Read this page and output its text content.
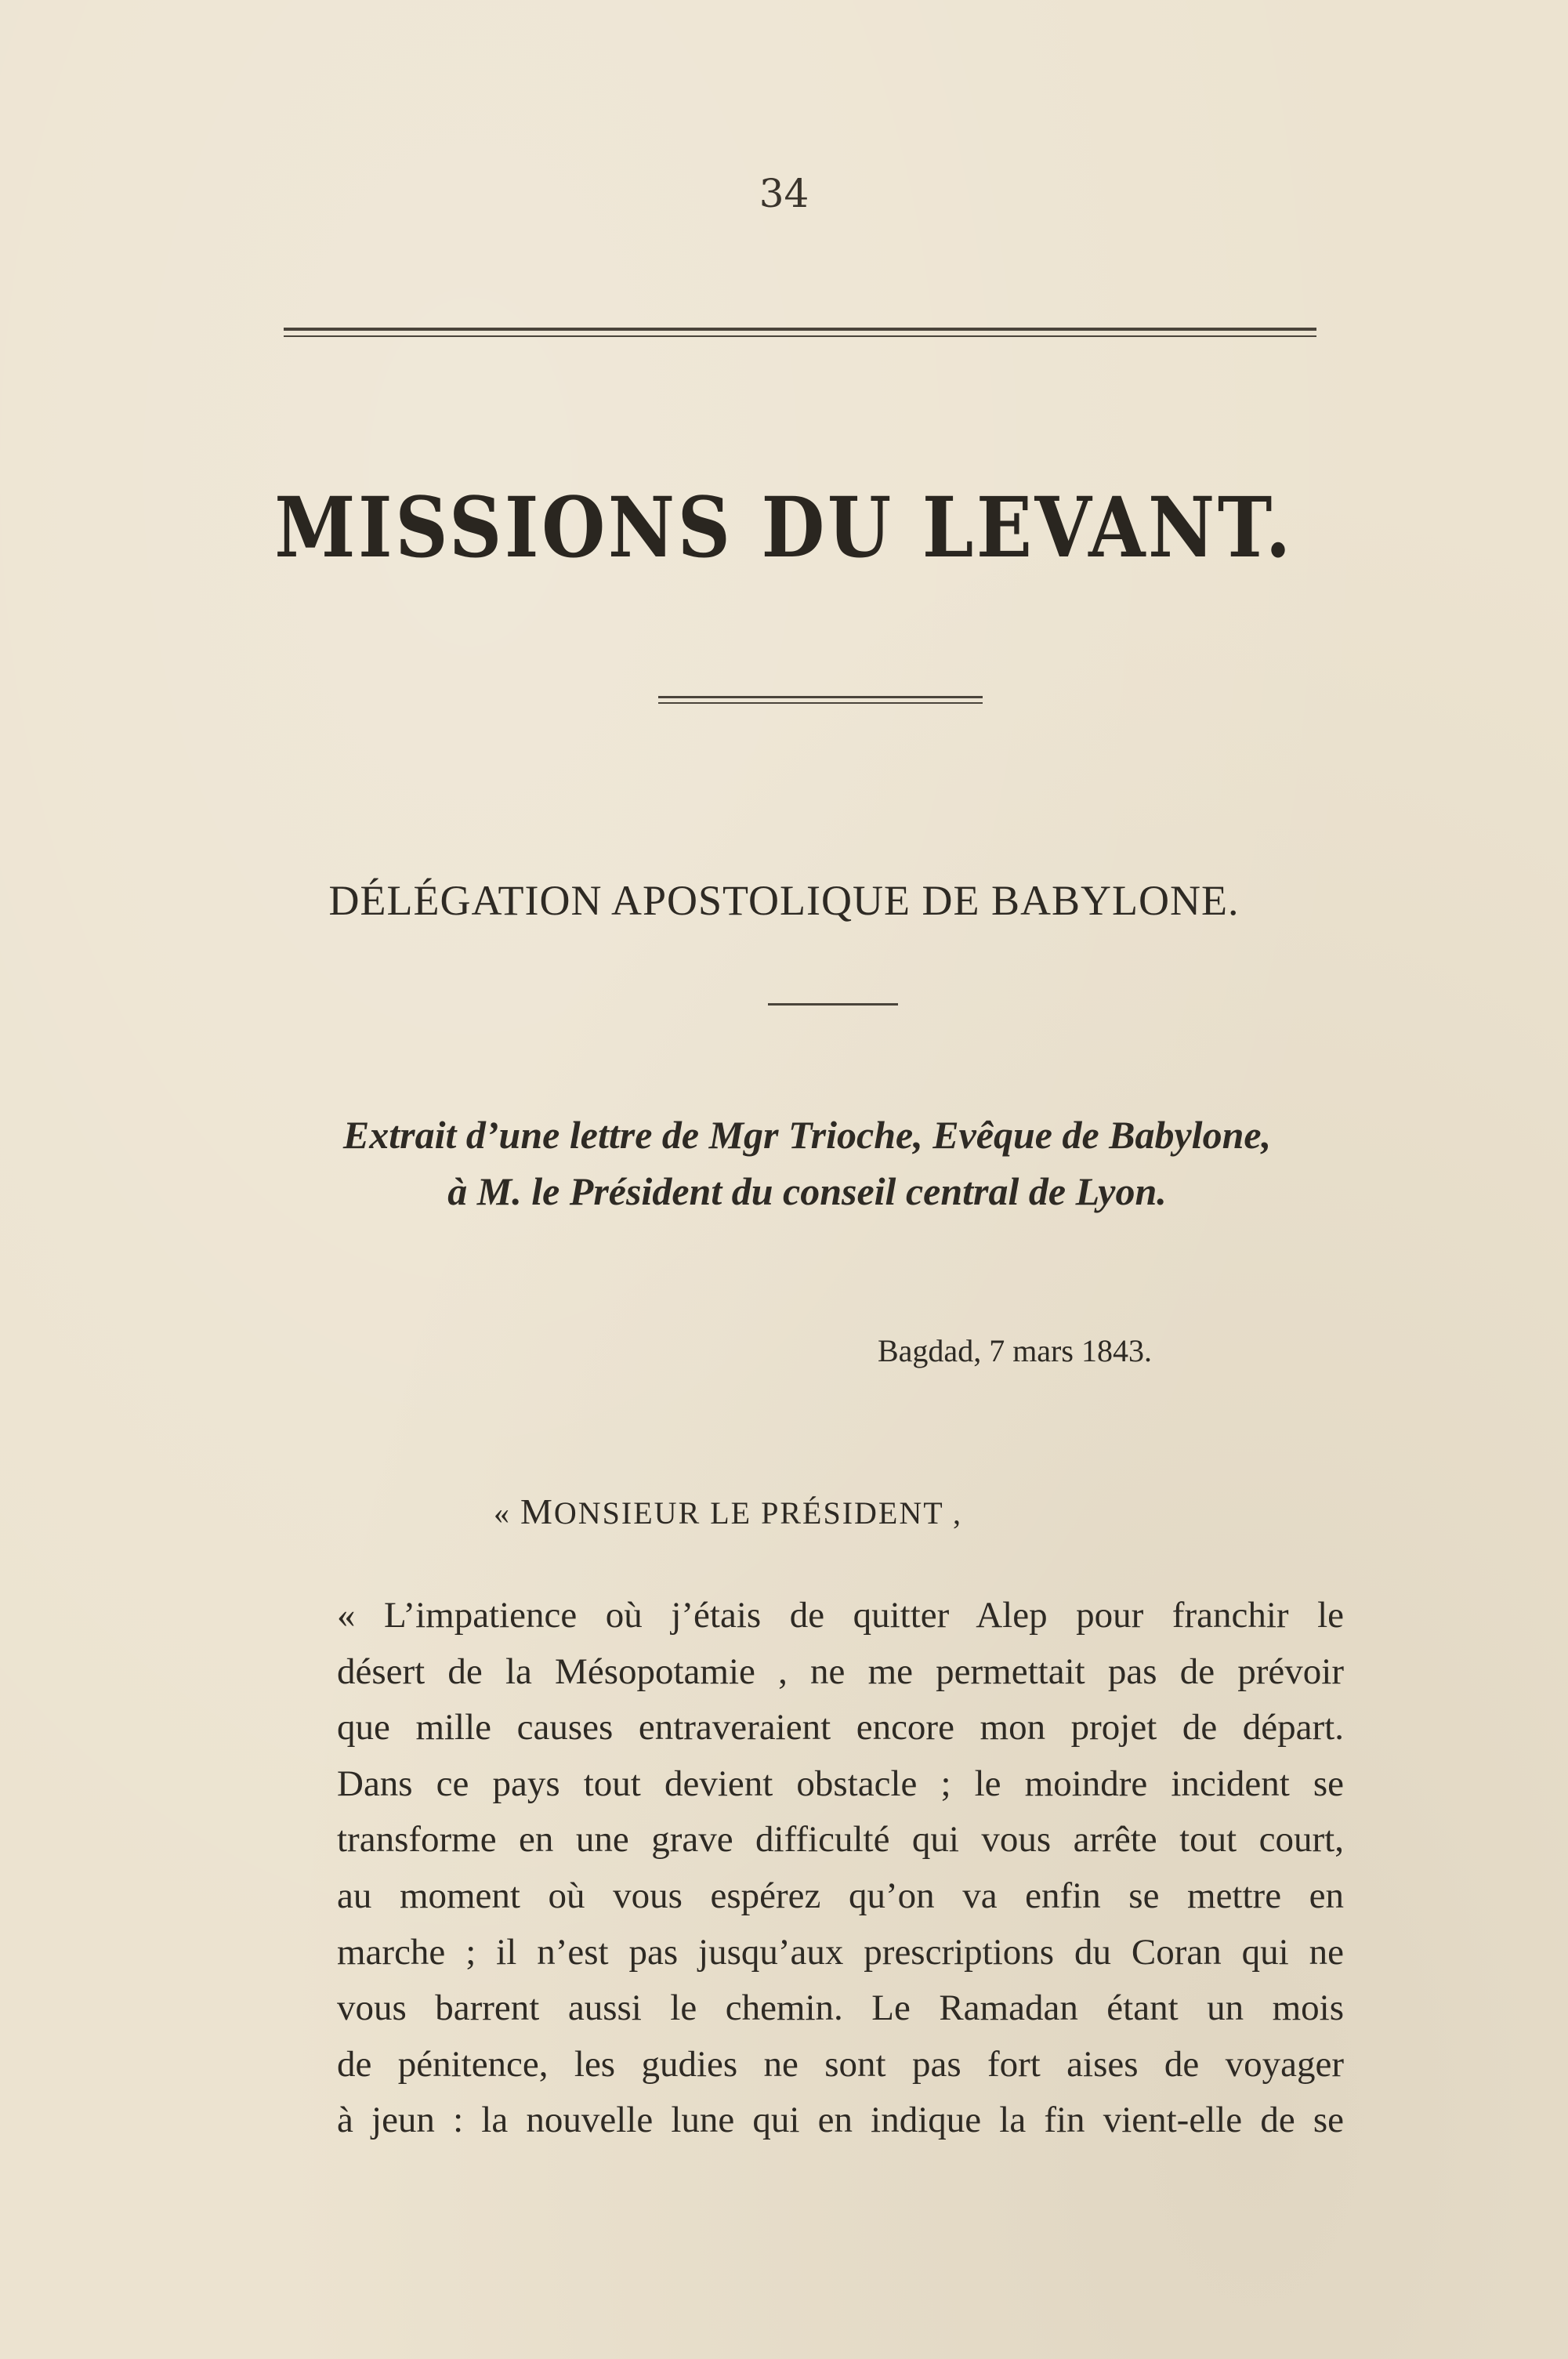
34
MISSIONS DU LEVANT.
DÉLÉGATION APOSTOLIQUE DE BABYLONE.
Extrait d’une lettre de Mgr Trioche, Evêque de Babylone,
à M. le Président du conseil central de Lyon.
Bagdad, 7 mars 1843.
« MONSIEUR LE PRÉSIDENT ,
« L’impatience où j’étais de quitter Alep pour franchir le
désert de la Mésopotamie , ne me permettait pas de prévoir
que mille causes entraveraient encore mon projet de départ.
Dans ce pays tout devient obstacle ; le moindre incident se
transforme en une grave difficulté qui vous arrête tout court,
au moment où vous espérez qu’on va enfin se mettre en
marche ; il n’est pas jusqu’aux prescriptions du Coran qui ne
vous barrent aussi le chemin. Le Ramadan étant un mois
de pénitence, les gudies ne sont pas fort aises de voyager
à jeun : la nouvelle lune qui en indique la fin vient-elle de se
